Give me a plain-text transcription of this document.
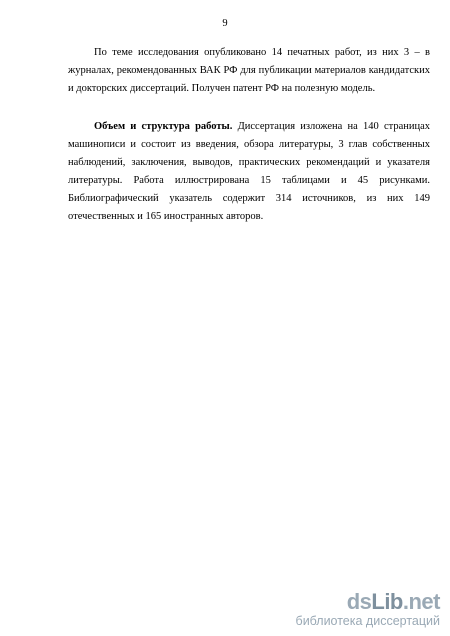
9

По теме исследования опубликовано 14 печатных работ, из них 3 – в журналах, рекомендованных ВАК РФ для публикации материалов кандидатских и докторских диссертаций. Получен патент РФ на полезную модель.

Объем и структура работы. Диссертация изложена на 140 страницах машинописи и состоит из введения, обзора литературы, 3 глав собственных наблюдений, заключения, выводов, практических рекомендаций и указателя литературы. Работа иллюстрирована 15 таблицами и 45 рисунками. Библиографический указатель содержит 314 источников, из них 149 отечественных и 165 иностранных авторов.

dsLib.net
библиотека диссертаций
